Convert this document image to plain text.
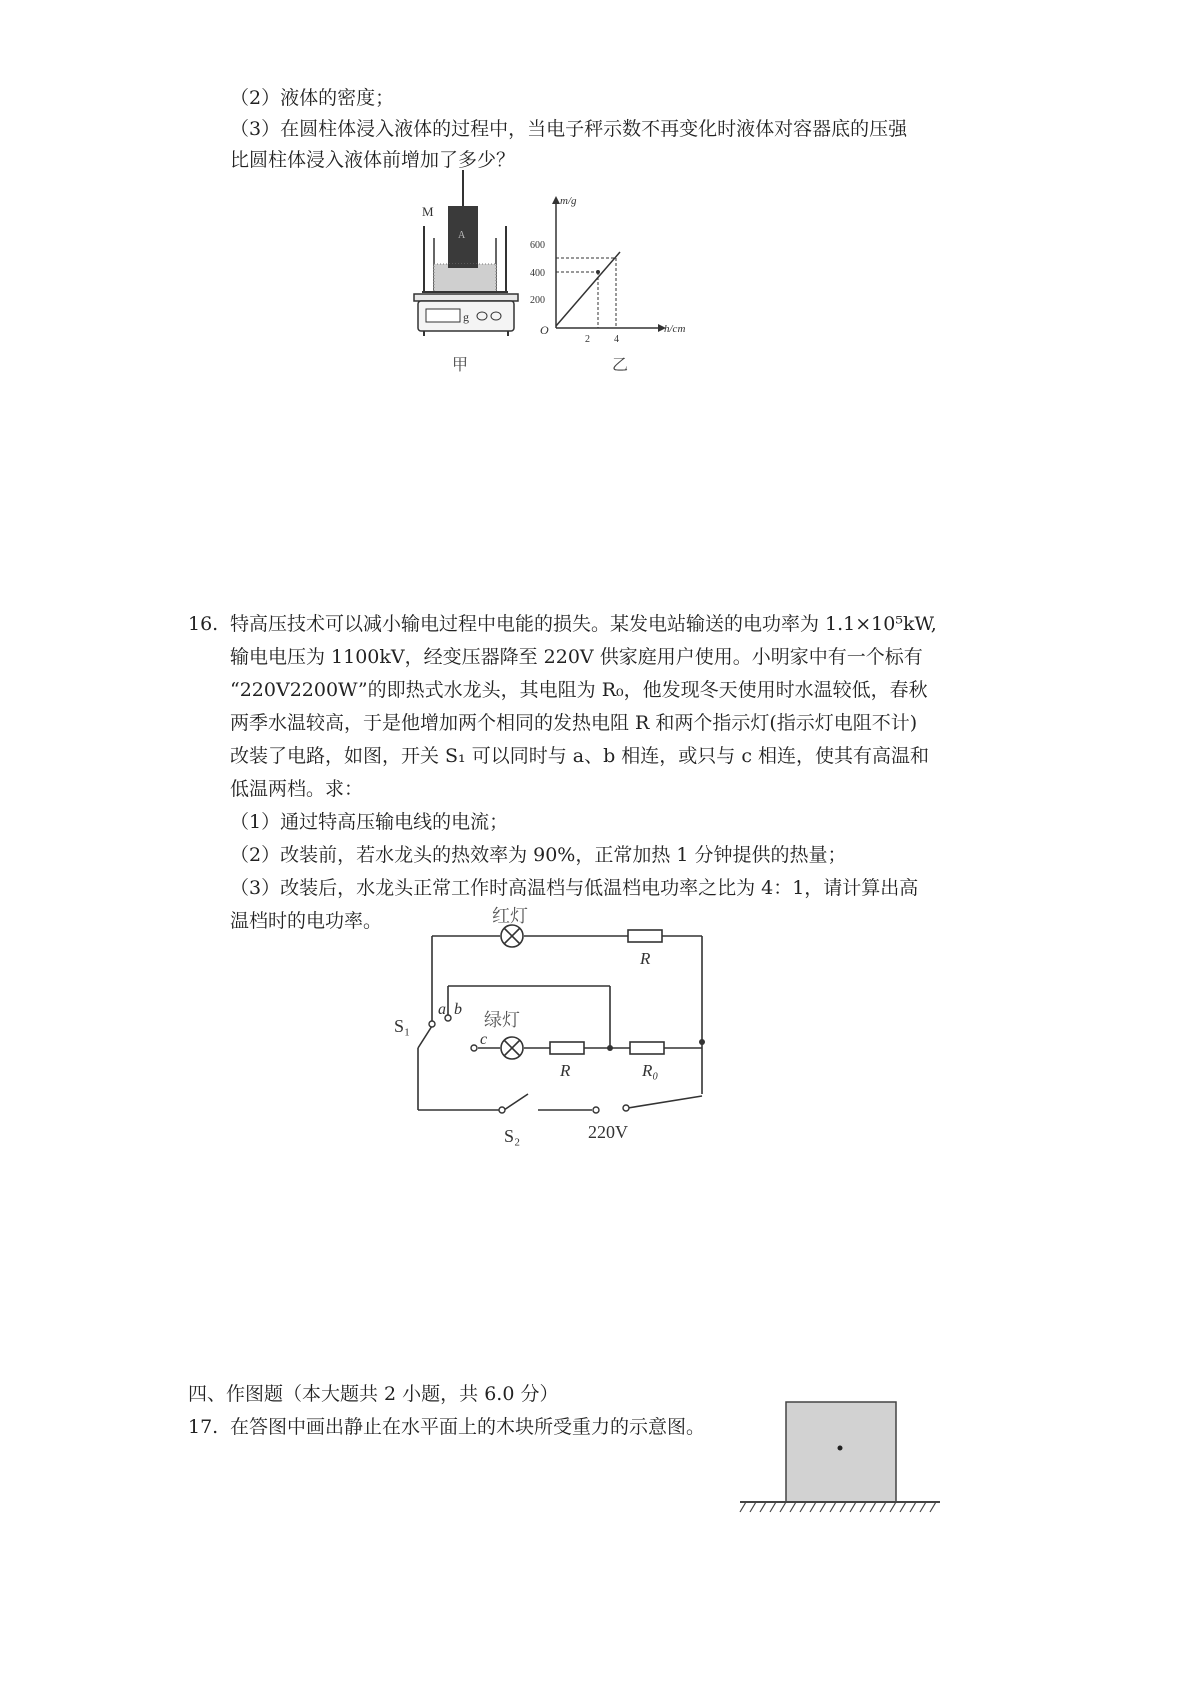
（2）液体的密度；
（3）在圆柱体浸入液体的过程中，当电子秤示数不再变化时液体对容器底的压强
比圆柱体浸入液体前增加了多少？
A
M
g
甲
m/g
h/cm
O
600
400
200
2 4
乙
16. 特高压技术可以减小输电过程中电能的损失。某发电站输送的电功率为 1.1×10⁵kW,
输电电压为 1100kV，经变压器降至 220V 供家庭用户使用。小明家中有一个标有
“220V2200W”的即热式水龙头，其电阻为 R₀，他发现冬天使用时水温较低，春秋
两季水温较高，于是他增加两个相同的发热电阻 R 和两个指示灯(指示灯电阻不计)
改装了电路，如图，开关 S₁ 可以同时与 a、b 相连，或只与 c 相连，使其有高温和
低温两档。求：
（1）通过特高压输电线的电流；
（2）改装前，若水龙头的热效率为 90%，正常加热 1 分钟提供的热量；
（3）改装后，水龙头正常工作时高温档与低温档电功率之比为 4：1，请计算出高
温档时的电功率。	红灯
R
S₁
a b
c
绿灯
R	R₀
S₂	220V
四、作图题（本大题共 2 小题，共 6.0 分）
17. 在答图中画出静止在水平面上的木块所受重力的示意图。
